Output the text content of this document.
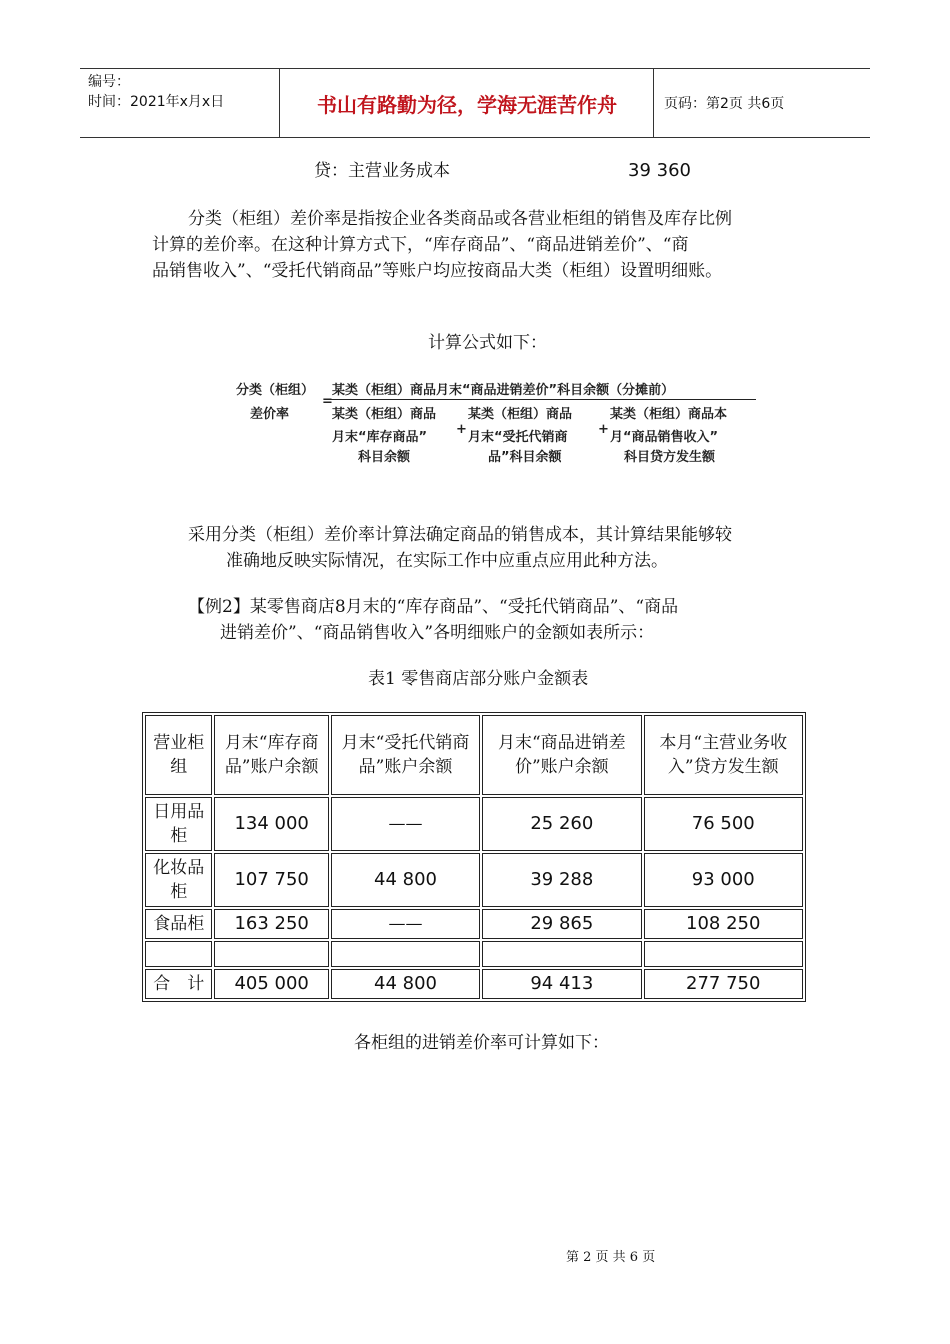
编号：
时间：2021年x月x日	书山有路勤为径，学海无涯苦作舟	页码：第2页 共6页
贷：主营业务成本	39 360
分类（柜组）差价率是指按企业各类商品或各营业柜组的销售及库存比例
计算的差价率。在这种计算方式下，“库存商品”、“商品进销差价”、“商
品销售收入”、“受托代销商品”等账户均应按商品大类（柜组）设置明细账。
计算公式如下：
分类（柜组）
差价率
=
某类（柜组）商品月末“商品进销差价”科目余额（分摊前）
某类（柜组）商品
月末“库存商品”
科目余额
+
某类（柜组）商品
月末“受托代销商
品”科目余额
+
某类（柜组）商品本
月“商品销售收入”
科目贷方发生额
采用分类（柜组）差价率计算法确定商品的销售成本，其计算结果能够较
准确地反映实际情况，在实际工作中应重点应用此种方法。
【例2】某零售商店8月末的“库存商品”、“受托代销商品”、“商品
进销差价”、“商品销售收入”各明细账户的金额如表所示：
表1 零售商店部分账户金额表
营业柜组	月末“库存商品”账户余额	月末“受托代销商品”账户余额	月末“商品进销差价”账户余额	本月“主营业务收入”贷方发生额
日用品柜	134 000	——	25 260	76 500
化妆品柜	107 750	44 800	39 288	93 000
食品柜	163 250	——	29 865	108 250

合　计	405 000	44 800	94 413	277 750
各柜组的进销差价率可计算如下：
第 2 页 共 6 页
